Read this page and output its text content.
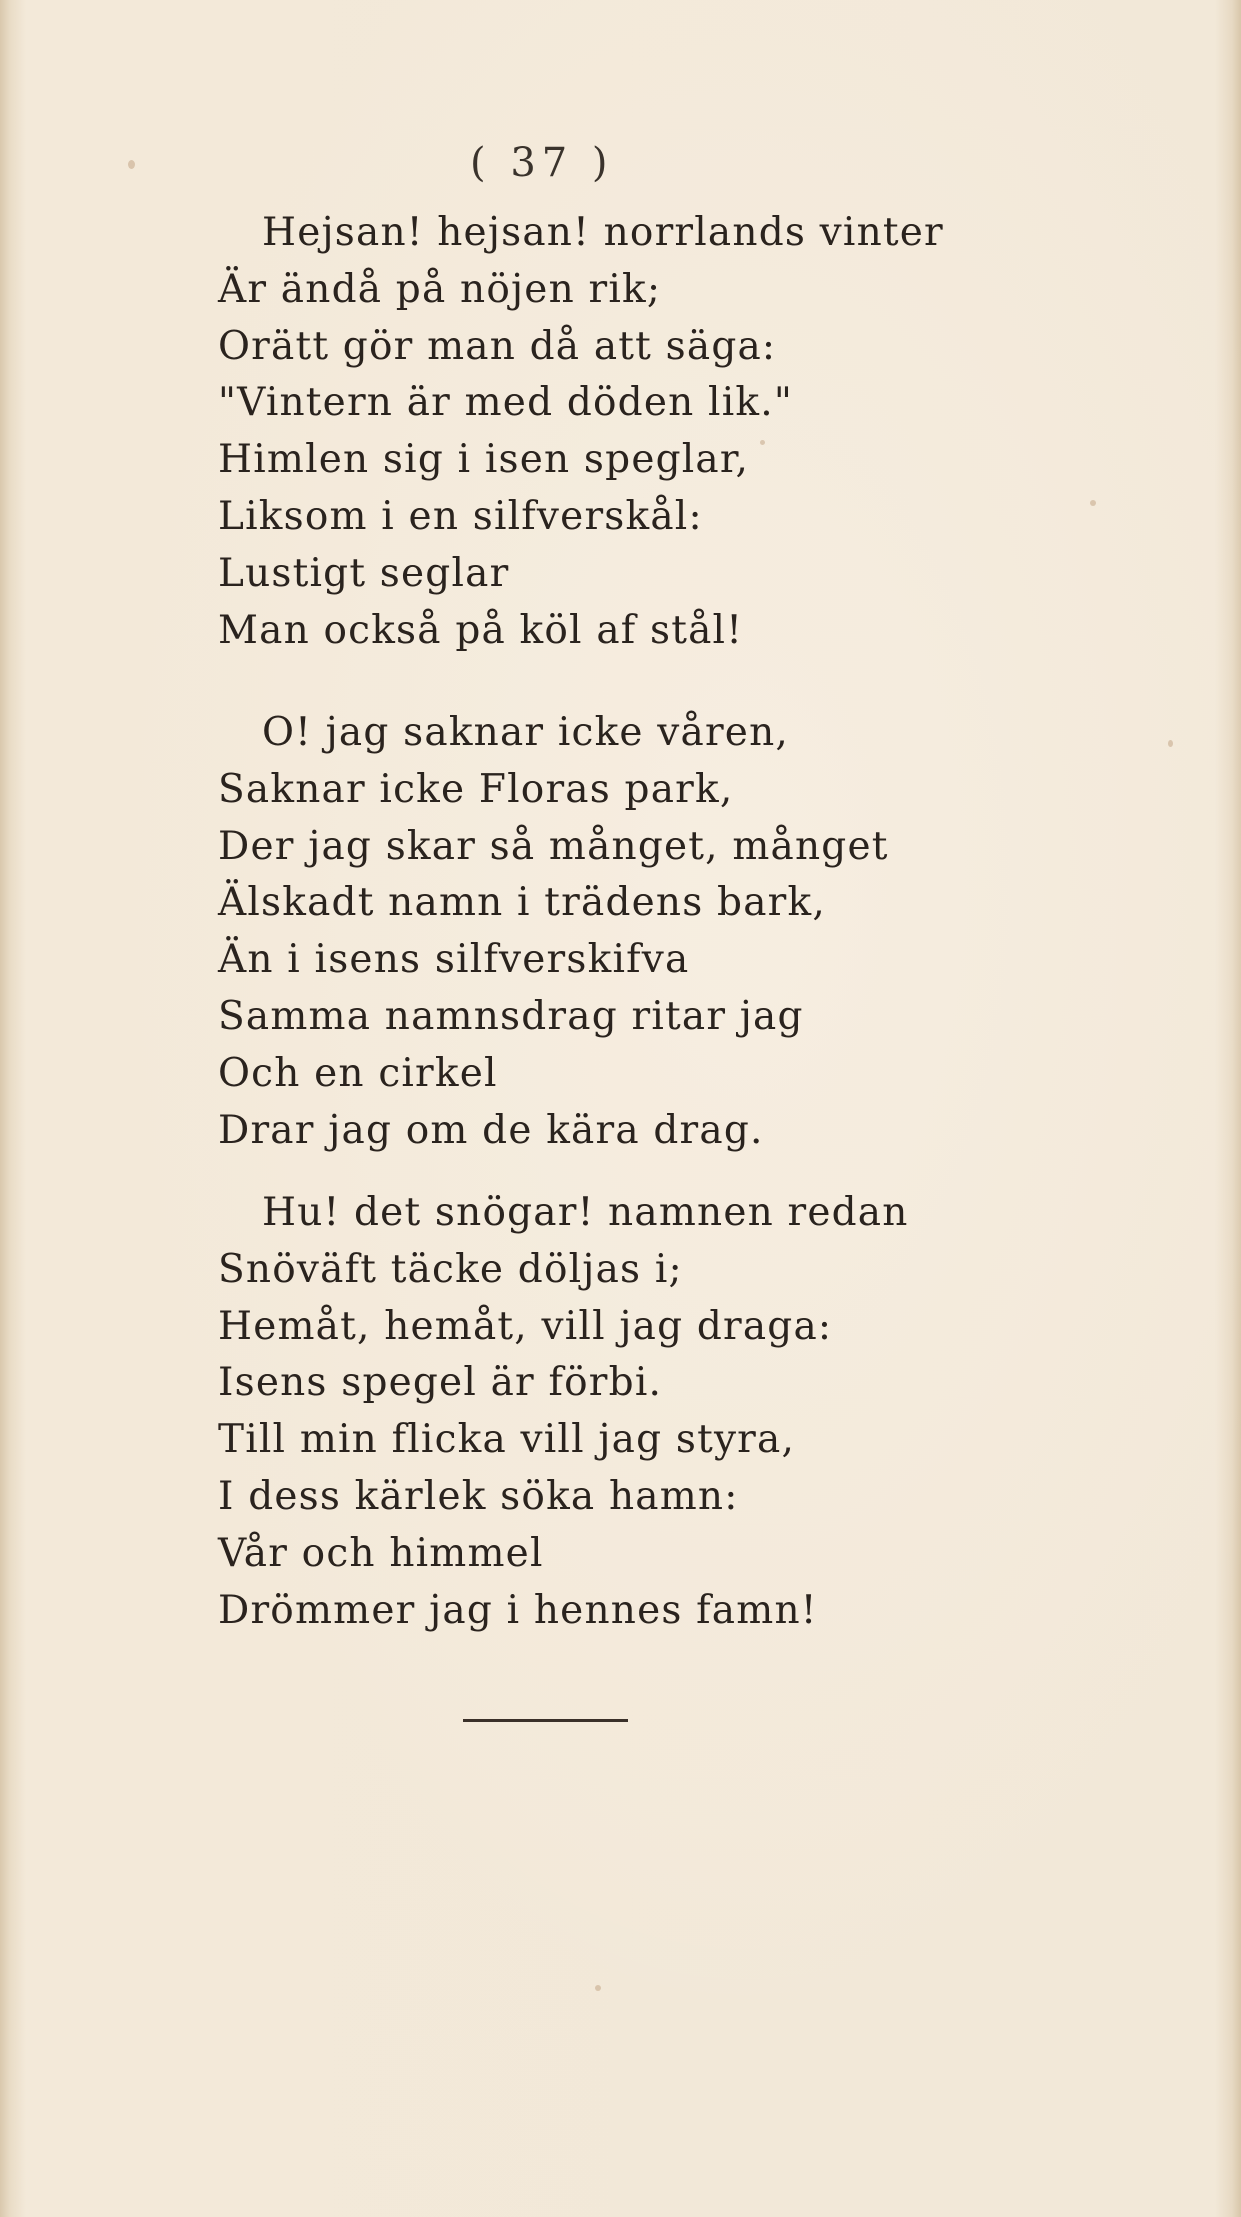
( 37 )
Hejsan! hejsan! norrlands vinter
Är ändå på nöjen rik;
Orätt gör man då att säga:
"Vintern är med döden lik."
Himlen sig i isen speglar,
Liksom i en silfverskål:
Lustigt seglar
Man också på köl af stål!
O! jag saknar icke våren,
Saknar icke Floras park,
Der jag skar så månget, månget
Älskadt namn i trädens bark,
Än i isens silfverskifva
Samma namnsdrag ritar jag
Och en cirkel
Drar jag om de kära drag.
Hu! det snögar! namnen redan
Snöväft täcke döljas i;
Hemåt, hemåt, vill jag draga:
Isens spegel är förbi.
Till min flicka vill jag styra,
I dess kärlek söka hamn:
Vår och himmel
Drömmer jag i hennes famn!
